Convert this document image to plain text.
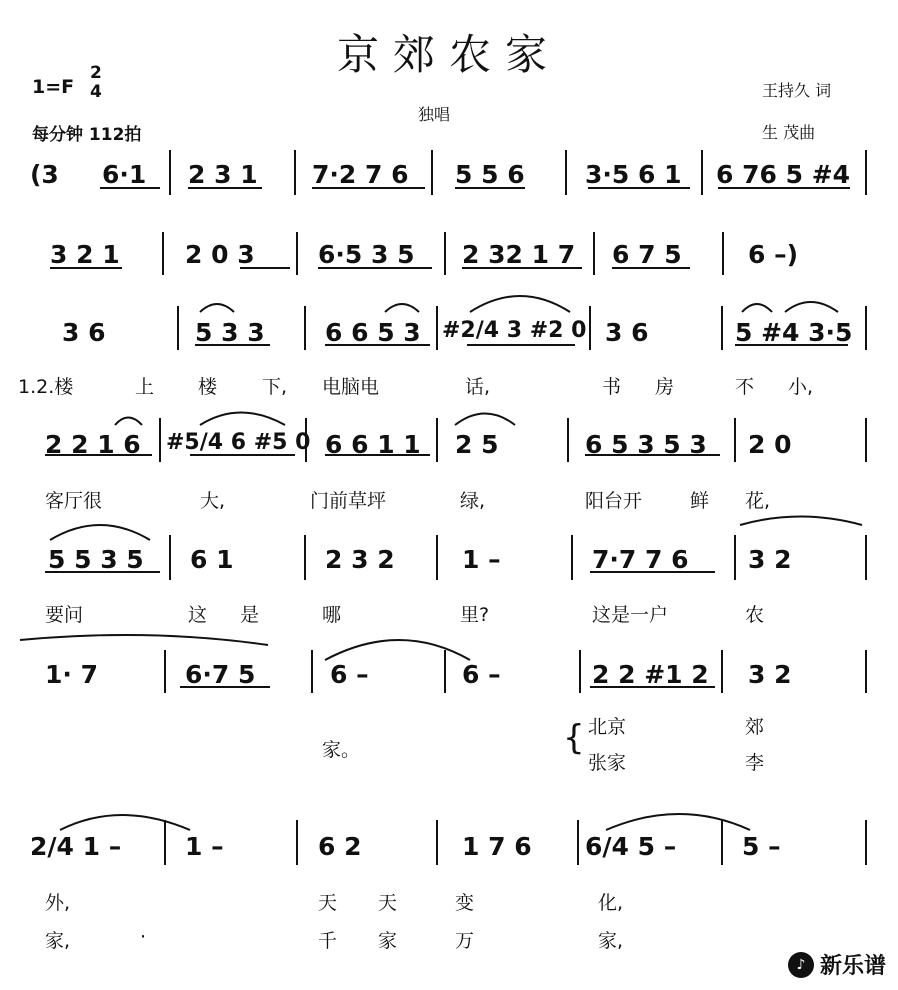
京郊农家
1=F
2
4
每分钟 112拍
独唱
王持久 词
生 茂曲
(3 6·1 2 3 1 7·2 7 6 5 5 6 3·5 6 1 6 76 5 #4
3 2 1	2 0 3	6·5 3 5 2 32 1 7 6 7 5	6 –)
3 6	5 3 3 6 6 5 3 #2/4 3 #2 0 3 6	5 #4 3·5
1.2.楼	上 楼 下, 电脑电	话,	书 房	不 小,
2 2 1 6 #5/4 6 #5 0 6 6 1 1 2 5	6 5 3 5 3 2 0
客厅很	大,	门前草坪	绿,	阳台开	鲜 花,
5 5 3 5 6 1	2 3 2	1 –	7·7 7 6 3 2
要问	这 是	哪	里?	这是一户	农
1· 7	6·7 5	6 –	6 –	2 2 #1 2 3 2
家。	{ 北京	郊
张家	李
2/4 1 –	1 –	6 2	1 7 6 6/4 5 –	5 –
外,	天 天	变	化,
家,	·	千 家	万	家,
♪ 新乐谱
